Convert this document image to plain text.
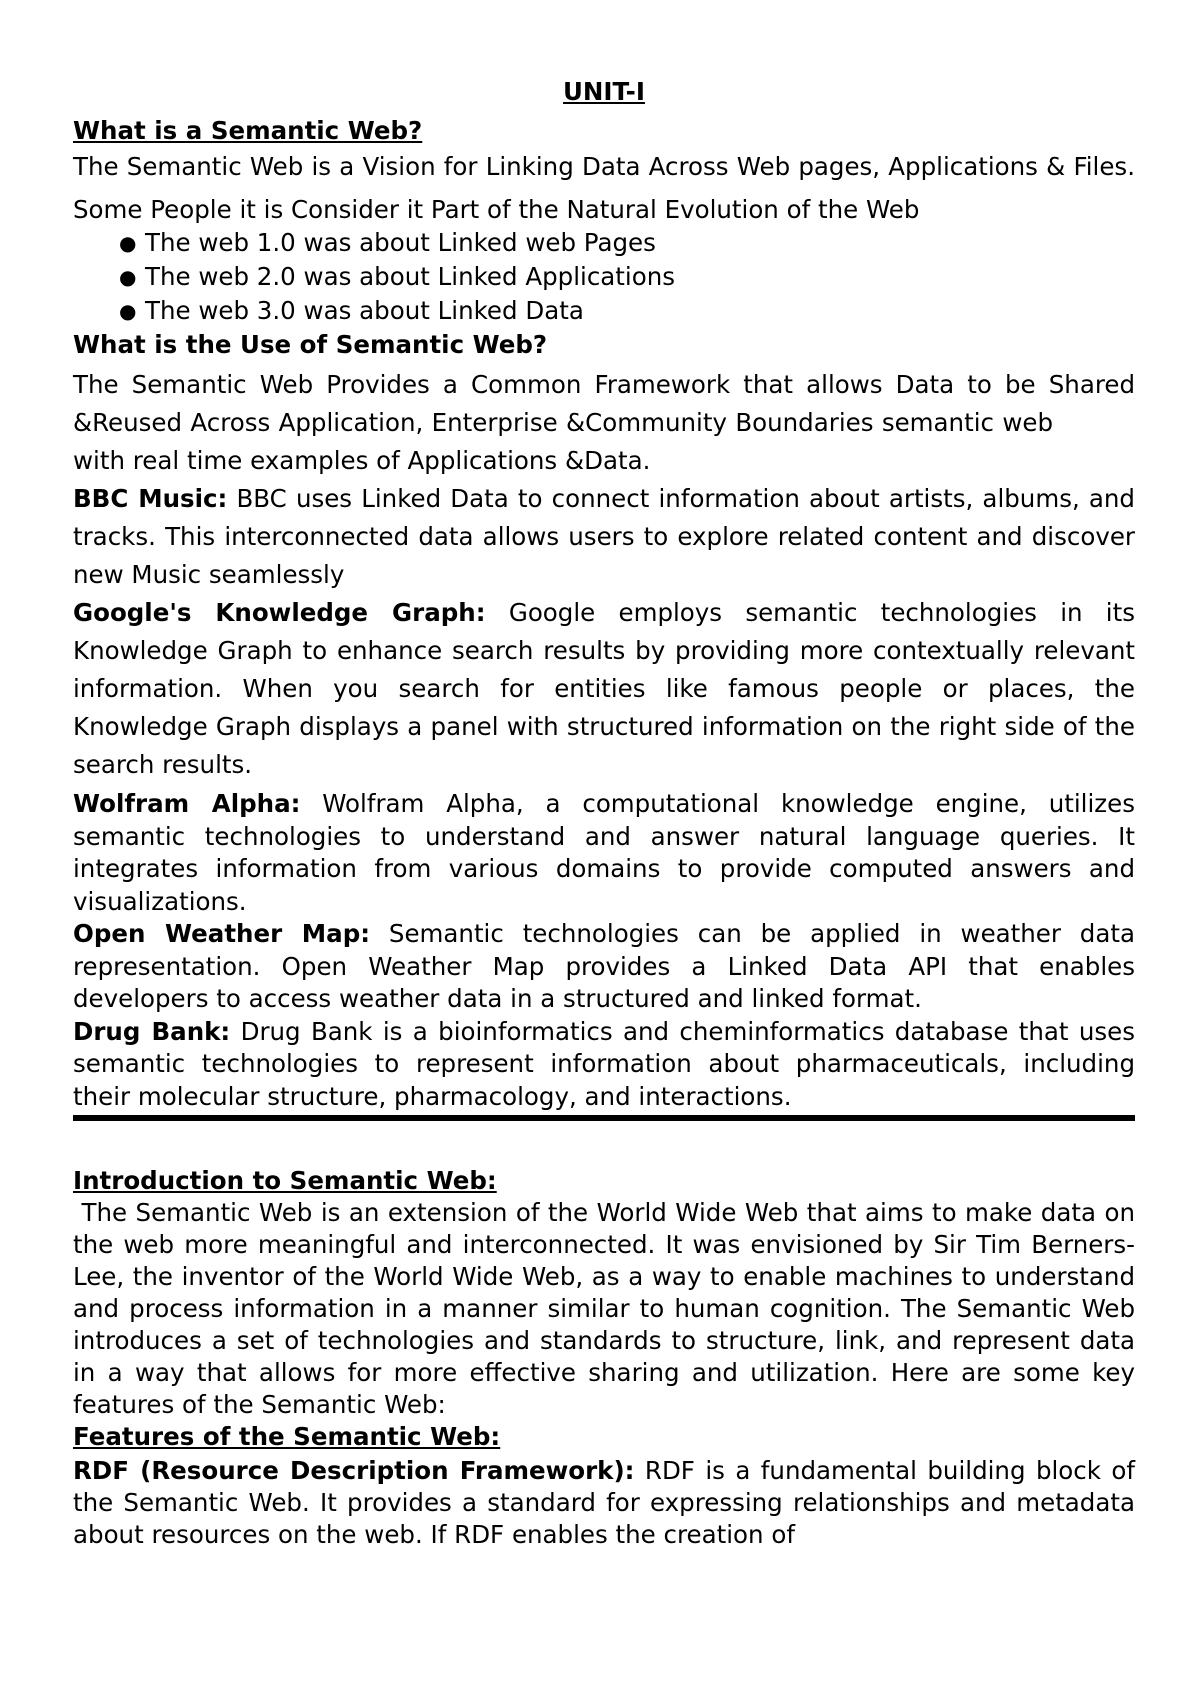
UNIT-I
What is a Semantic Web?

The Semantic Web is a Vision for Linking Data Across Web pages, Applications & Files. Some People it is Consider it Part of the Natural Evolution of the Web

● The web 1.0 was about Linked web Pages
● The web 2.0 was about Linked Applications
● The web 3.0 was about Linked Data
What is the Use of Semantic Web?

The Semantic Web Provides a Common Framework that allows Data to be Shared &Reused Across Application, Enterprise &Community Boundaries semantic webwith real time examples of Applications &Data.

BBC Music: BBC uses Linked Data to connect information about artists, albums, and tracks. This interconnected data allows users to explore related content and discover new Music seamlessly

Google's Knowledge Graph: Google employs semantic technologies in its Knowledge Graph to enhance search results by providing more contextually relevant information. When you search for entities like famous people or places, the Knowledge Graph displays a panel with structured information on the right side of the search results.

Wolfram Alpha: Wolfram Alpha, a computational knowledge engine, utilizes semantic technologies to understand and answer natural language queries. It integrates information from various domains to provide computed answers and visualizations.

Open Weather Map: Semantic technologies can be applied in weather data representation. Open Weather Map provides a Linked Data API that enables developers to access weather data in a structured and linked format.

Drug Bank: Drug Bank is a bioinformatics and cheminformatics database that uses semantic technologies to represent information about pharmaceuticals, including their molecular structure, pharmacology, and interactions.

Introduction to Semantic Web:

The Semantic Web is an extension of the World Wide Web that aims to make data on the web more meaningful and interconnected. It was envisioned by Sir Tim Berners-Lee, the inventor of the World Wide Web, as a way to enable machines to understand and process information in a manner similar to human cognition. The Semantic Web introduces a set of technologies and standards to structure, link, and represent data in a way that allows for more effective sharing and utilization. Here are some key features of the Semantic Web:

Features of the Semantic Web:

RDF (Resource Description Framework): RDF is a fundamental building block of the Semantic Web. It provides a standard for expressing relationships and metadata about resources on the web. If RDF enables the creation of
